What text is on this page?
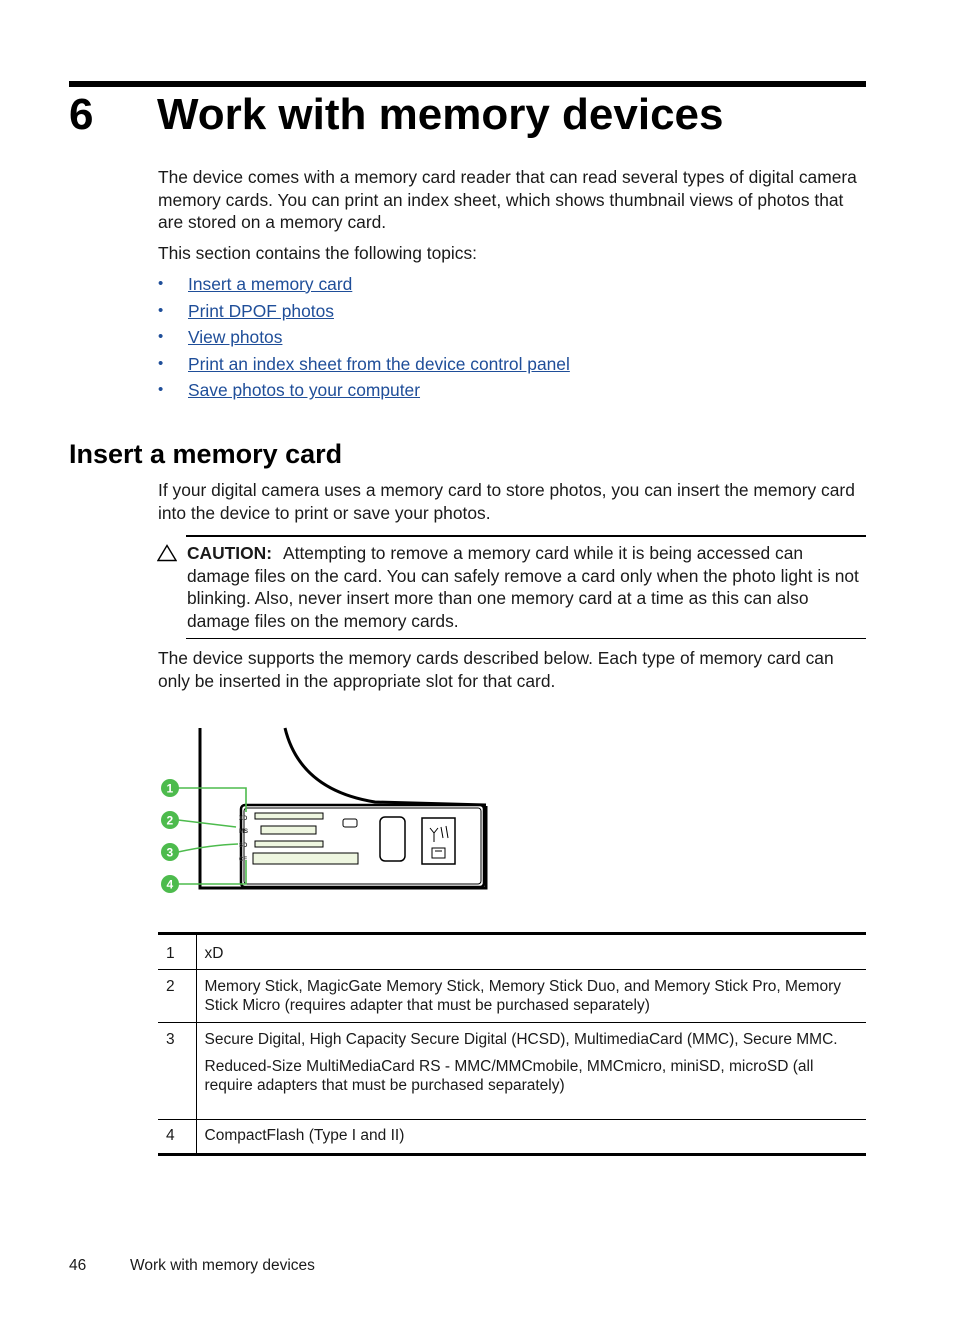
6 Work with memory devices

The device comes with a memory card reader that can read several types of digital camera memory cards. You can print an index sheet, which shows thumbnail views of photos that are stored on a memory card.

This section contains the following topics:

• Insert a memory card
• Print DPOF photos
• View photos
• Print an index sheet from the device control panel
• Save photos to your computer
Insert a memory card

If your digital camera uses a memory card to store photos, you can insert the memory card into the device to print or save your photos.

CAUTION: Attempting to remove a memory card while it is being accessed can damage files on the card. You can safely remove a card only when the photo light is not blinking. Also, never insert more than one memory card at a time as this can also damage files on the memory cards.

The device supports the memory cards described below. Each type of memory card can only be inserted in the appropriate slot for that card.

XD
MS
SD
CF
1
2
3
4
1	xD
2	Memory Stick, MagicGate Memory Stick, Memory Stick Duo, and Memory Stick Pro, Memory Stick Micro (requires adapter that must be purchased separately)
3	Secure Digital, High Capacity Secure Digital (HCSD), MultimediaCard (MMC), Secure MMC.
Reduced-Size MultiMediaCard RS - MMC/MMCmobile, MMCmicro, miniSD, microSD (all require adapters that must be purchased separately)

4	CompactFlash (Type I and II)
46	Work with memory devices
